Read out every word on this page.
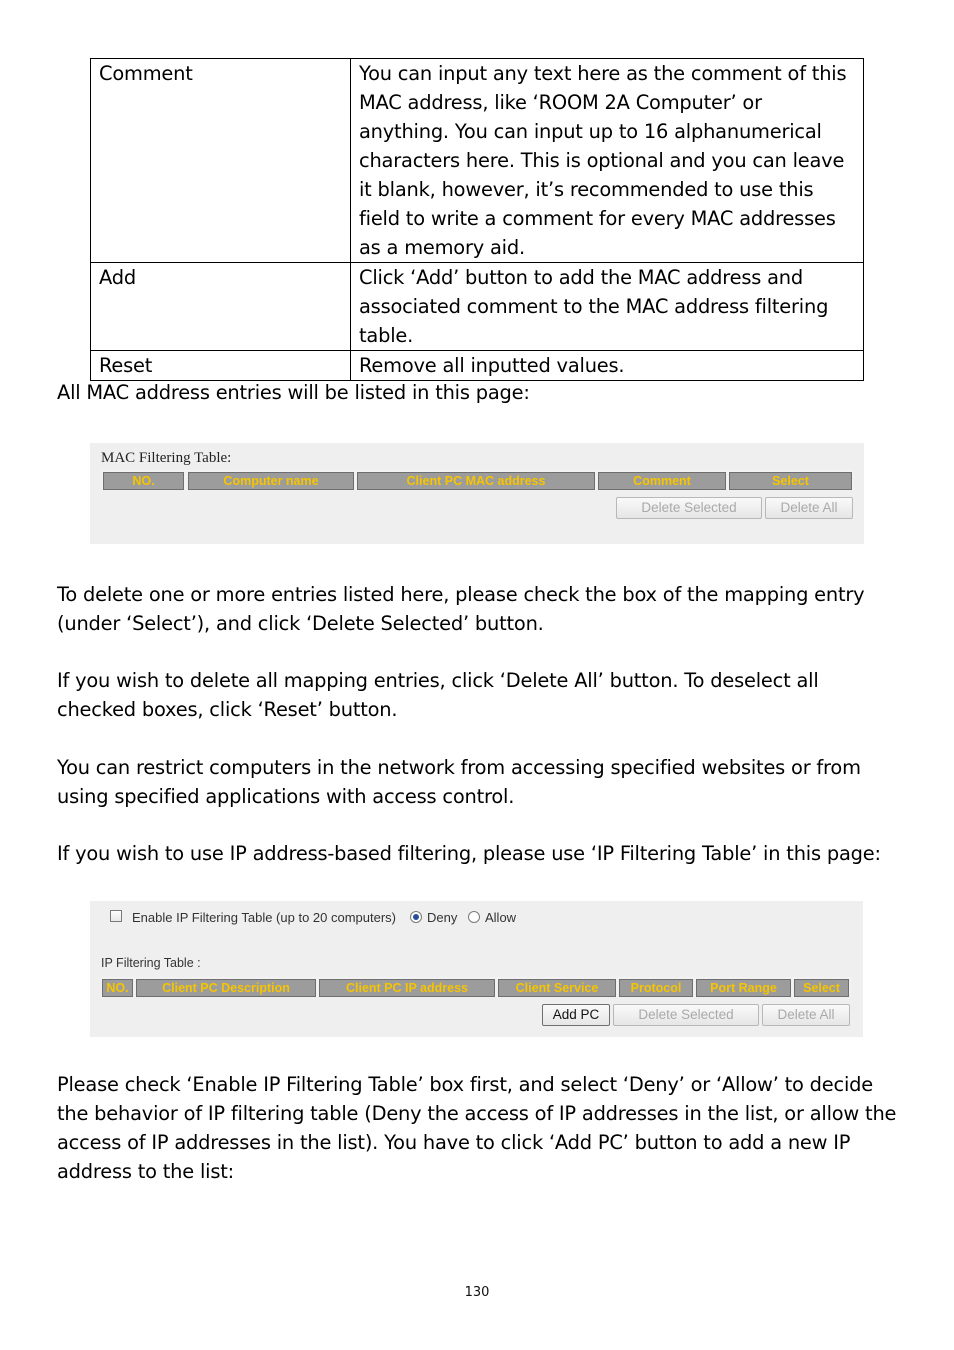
Comment	You can input any text here as the comment of this MAC address, like ‘ROOM 2A Computer’ or anything. You can input up to 16 alphanumerical characters here. This is optional and you can leave it blank, however, it’s recommended to use this field to write a comment for every MAC addresses as a memory aid.
Add	Click ‘Add’ button to add the MAC address and associated comment to the MAC address filtering table.
Reset	Remove all inputted values.

All MAC address entries will be listed in this page:

MAC Filtering Table:
NO.	Computer name	Client PC MAC address	Comment	Select
Delete Selected	Delete All

To delete one or more entries listed here, please check the box of the mapping entry (under ‘Select’), and click ‘Delete Selected’ button.

If you wish to delete all mapping entries, click ‘Delete All’ button. To deselect all checked boxes, click ‘Reset’ button.

You can restrict computers in the network from accessing specified websites or from using specified applications with access control.

If you wish to use IP address-based filtering, please use ‘IP Filtering Table’ in this page:

Enable IP Filtering Table (up to 20 computers) Deny Allow
IP Filtering Table :
NO.	Client PC Description	Client PC IP address	Client Service	Protocol	Port Range	Select
Add PC	Delete Selected	Delete All

Please check ‘Enable IP Filtering Table’ box first, and select ‘Deny’ or ‘Allow’ to decide the behavior of IP filtering table (Deny the access of IP addresses in the list, or allow the access of IP addresses in the list). You have to click ‘Add PC’ button to add a new IP address to the list:

130
